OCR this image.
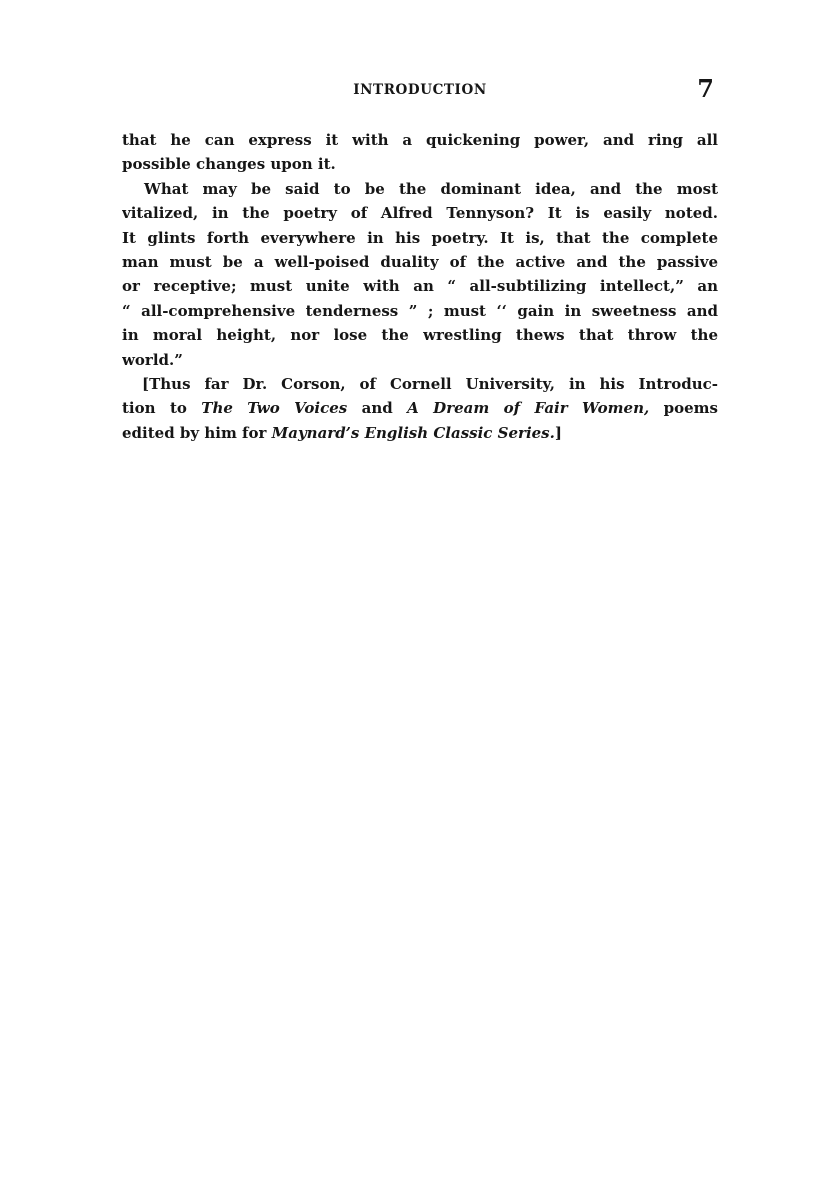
INTRODUCTION	7
that he can express it with a quickening power, and ring all
possible changes upon it.
What may be said to be the dominant idea, and the most
vitalized, in the poetry of Alfred Tennyson? It is easily noted.
It glints forth everywhere in his poetry. It is, that the complete
man must be a well-poised duality of the active and the passive
or receptive; must unite with an “ all-subtilizing intellect,” an
“ all-comprehensive tenderness ” ; must ‘‘ gain in sweetness and
in moral height, nor lose the wrestling thews that throw the
world.”
[Thus far Dr. Corson, of Cornell University, in his Introduc-
tion to The Two Voices and A Dream of Fair Women, poems
edited by him for Maynard’s English Classic Series.]
